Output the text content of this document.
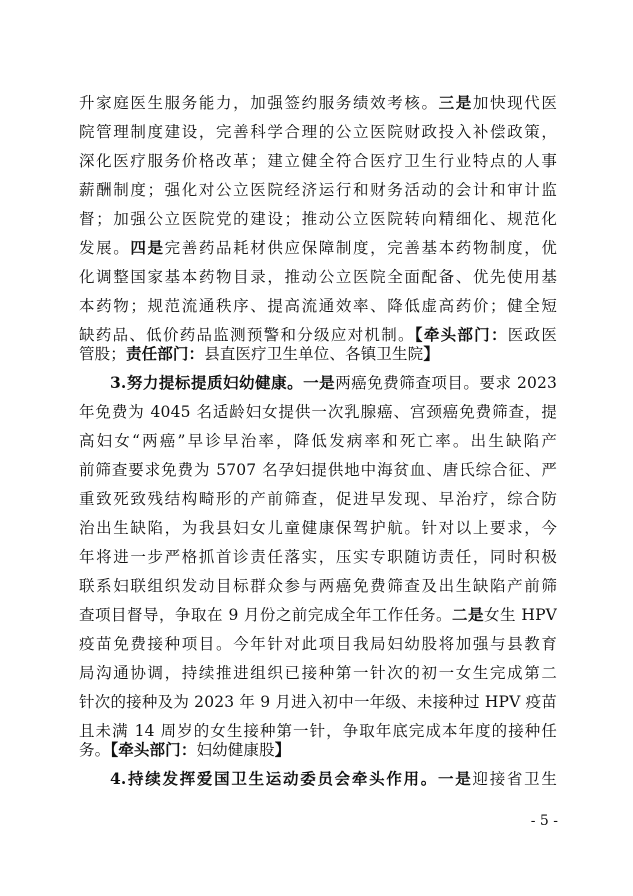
升家庭医生服务能力，加强签约服务绩效考核。三是加快现代医
院管理制度建设，完善科学合理的公立医院财政投入补偿政策，
深化医疗服务价格改革；建立健全符合医疗卫生行业特点的人事
薪酬制度；强化对公立医院经济运行和财务活动的会计和审计监
督；加强公立医院党的建设；推动公立医院转向精细化、规范化
发展。四是完善药品耗材供应保障制度，完善基本药物制度，优
化调整国家基本药物目录，推动公立医院全面配备、优先使用基
本药物；规范流通秩序、提高流通效率、降低虚高药价；健全短
缺药品、低价药品监测预警和分级应对机制。【牵头部门：医政医
管股；责任部门：县直医疗卫生单位、各镇卫生院】
3.努力提标提质妇幼健康。一是两癌免费筛查项目。要求 2023
年免费为 4045 名适龄妇女提供一次乳腺癌、宫颈癌免费筛查，提
高妇女“两癌”早诊早治率，降低发病率和死亡率。出生缺陷产
前筛查要求免费为 5707 名孕妇提供地中海贫血、唐氏综合征、严
重致死致残结构畸形的产前筛查，促进早发现、早治疗，综合防
治出生缺陷，为我县妇女儿童健康保驾护航。针对以上要求，今
年将进一步严格抓首诊责任落实，压实专职随访责任，同时积极
联系妇联组织发动目标群众参与两癌免费筛查及出生缺陷产前筛
查项目督导，争取在 9 月份之前完成全年工作任务。二是女生 HPV
疫苗免费接种项目。今年针对此项目我局妇幼股将加强与县教育
局沟通协调，持续推进组织已接种第一针次的初一女生完成第二
针次的接种及为 2023 年 9 月进入初中一年级、未接种过 HPV 疫苗
且未满 14 周岁的女生接种第一针，争取年底完成本年度的接种任
务。【牵头部门：妇幼健康股】
4.持续发挥爱国卫生运动委员会牵头作用。一是迎接省卫生
- 5 -
